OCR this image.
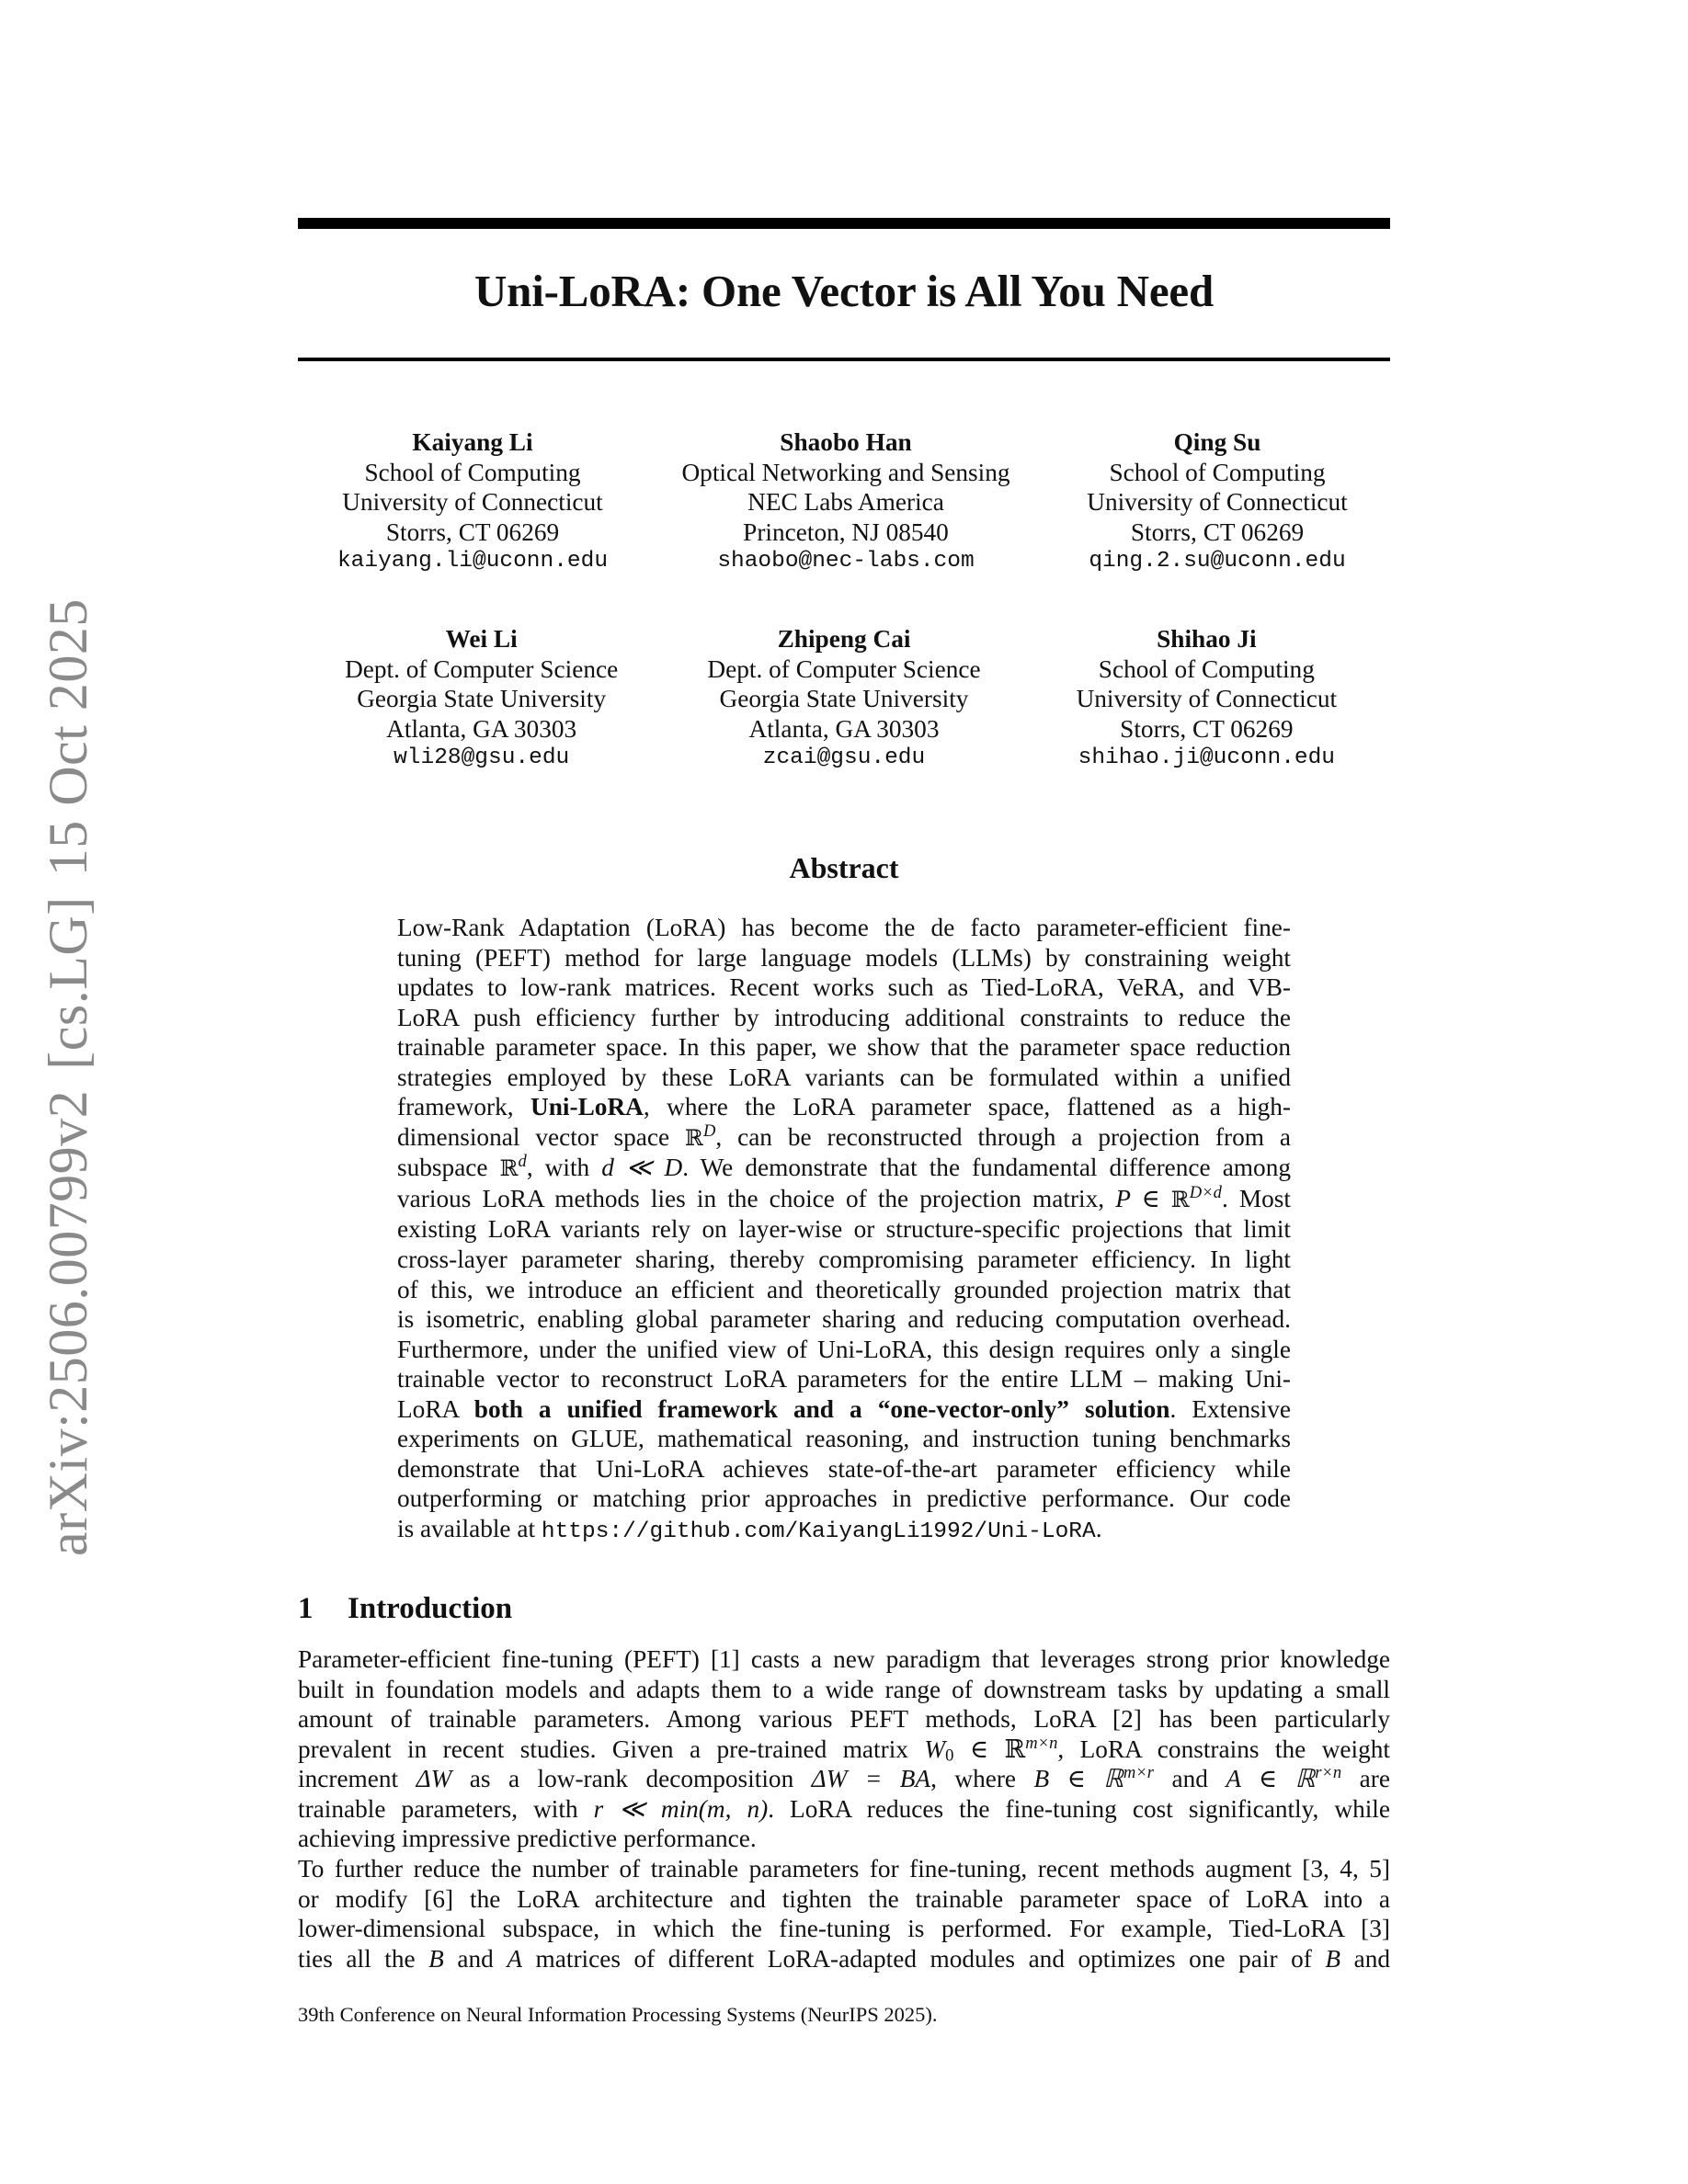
arXiv:2506.00799v2[cs.LG]15 Oct 2025
Uni-LoRA: One Vector is All You Need
Kaiyang Li
School of Computing
University of Connecticut
Storrs, CT 06269
kaiyang.li@uconn.edu
Shaobo Han
Optical Networking and Sensing
NEC Labs America
Princeton, NJ 08540
shaobo@nec-labs.com
Qing Su
School of Computing
University of Connecticut
Storrs, CT 06269
qing.2.su@uconn.edu
Wei Li
Dept. of Computer Science
Georgia State University
Atlanta, GA 30303
wli28@gsu.edu
Zhipeng Cai
Dept. of Computer Science
Georgia State University
Atlanta, GA 30303
zcai@gsu.edu
Shihao Ji
School of Computing
University of Connecticut
Storrs, CT 06269
shihao.ji@uconn.edu
Abstract
Low-Rank Adaptation (LoRA) has become the de facto parameter-efficient fine-
tuning (PEFT) method for large language models (LLMs) by constraining weight
updates to low-rank matrices. Recent works such as Tied-LoRA, VeRA, and VB-
LoRA push efficiency further by introducing additional constraints to reduce the
trainable parameter space. In this paper, we show that the parameter space reduction
strategies employed by these LoRA variants can be formulated within a unified
framework, Uni-LoRA, where the LoRA parameter space, flattened as a high-
dimensional vector space ℝ$^D$, can be reconstructed through a projection from a
subspace ℝ$^d$, with d ≪ D. We demonstrate that the fundamental difference among
various LoRA methods lies in the choice of the projection matrix, P ∈ ℝ$^{D\times d}$. Most
existing LoRA variants rely on layer-wise or structure-specific projections that limit
cross-layer parameter sharing, thereby compromising parameter efficiency. In light
of this, we introduce an efficient and theoretically grounded projection matrix that
is isometric, enabling global parameter sharing and reducing computation overhead.
Furthermore, under the unified view of Uni-LoRA, this design requires only a single
trainable vector to reconstruct LoRA parameters for the entire LLM – making Uni-
LoRA both a unified framework and a “one-vector-only” solution. Extensive
experiments on GLUE, mathematical reasoning, and instruction tuning benchmarks
demonstrate that Uni-LoRA achieves state-of-the-art parameter efficiency while
outperforming or matching prior approaches in predictive performance. Our code
is available at https://github.com/KaiyangLi1992/Uni-LoRA.
1 Introduction
Parameter-efficient fine-tuning (PEFT) [1] casts a new paradigm that leverages strong prior knowledge
built in foundation models and adapts them to a wide range of downstream tasks by updating a small
amount of trainable parameters. Among various PEFT methods, LoRA [2] has been particularly
prevalent in recent studies. Given a pre-trained matrix $W_0$ ∈ ℝ$^{m\times n}$, LoRA constrains the weight
increment ΔW as a low-rank decomposition ΔW = BA, where B ∈ ℝ$^{m\times r}$ and A ∈ ℝ$^{r\times n}$ are
trainable parameters, with r ≪ min(m, n). LoRA reduces the fine-tuning cost significantly, while
achieving impressive predictive performance.
To further reduce the number of trainable parameters for fine-tuning, recent methods augment [3, 4, 5]
or modify [6] the LoRA architecture and tighten the trainable parameter space of LoRA into a
lower-dimensional subspace, in which the fine-tuning is performed. For example, Tied-LoRA [3]
ties all the B and A matrices of different LoRA-adapted modules and optimizes one pair of B and
39th Conference on Neural Information Processing Systems (NeurIPS 2025).
